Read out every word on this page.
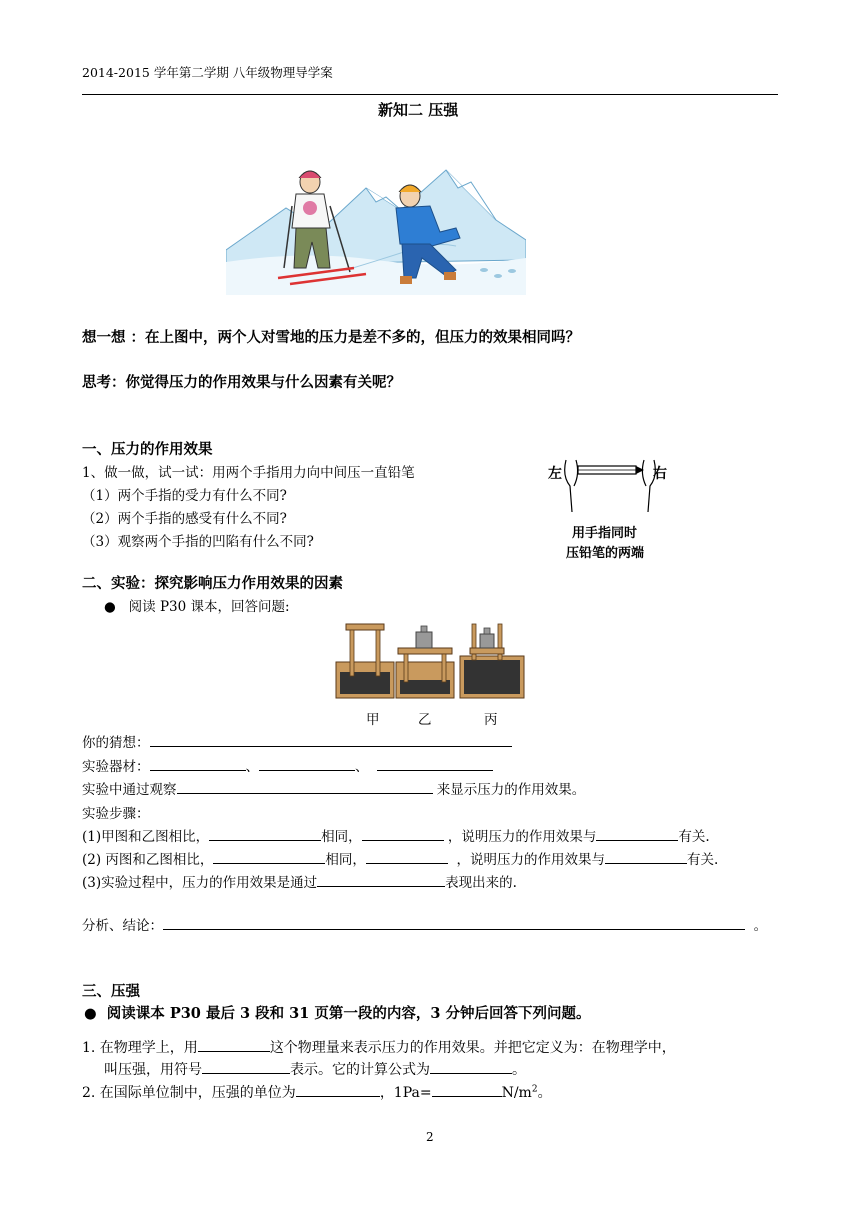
2014-2015 学年第二学期 八年级物理导学案
新知二 压强
想一想 ：在上图中，两个人对雪地的压力是差不多的，但压力的效果相同吗？
思考：你觉得压力的作用效果与什么因素有关呢？
一、压力的作用效果
1、做一做，试一试：用两个手指用力向中间压一直铅笔
（1）两个手指的受力有什么不同?
（2）两个手指的感受有什么不同?
（3）观察两个手指的凹陷有什么不同?
左	右
用手指同时
压铅笔的两端
二、实验：探究影响压力作用效果的因素
● 阅读 P30 课本，回答问题:
甲	乙	丙
你的猜想：
实验器材：	、	、
实验中通过观察	来显示压力的作用效果。
实验步骤：
(1)甲图和乙图相比，	相同，	，说明压力的作用效果与	有关.
(2) 丙图和乙图相比，	相同，	，说明压力的作用效果与	有关.
(3)实验过程中，压力的作用效果是通过	表现出来的.
分析、结论：	。
三、压强
● 阅读课本 P30 最后 3 段和 31 页第一段的内容，3 分钟后回答下列问题。
1. 在物理学上，用	这个物理量来表示压力的作用效果。并把它定义为：在物理学中，
叫压强，用符号	表示。它的计算公式为	。
2. 在国际单位制中，压强的单位为	，1Pa=	$N/m^2$。
2
